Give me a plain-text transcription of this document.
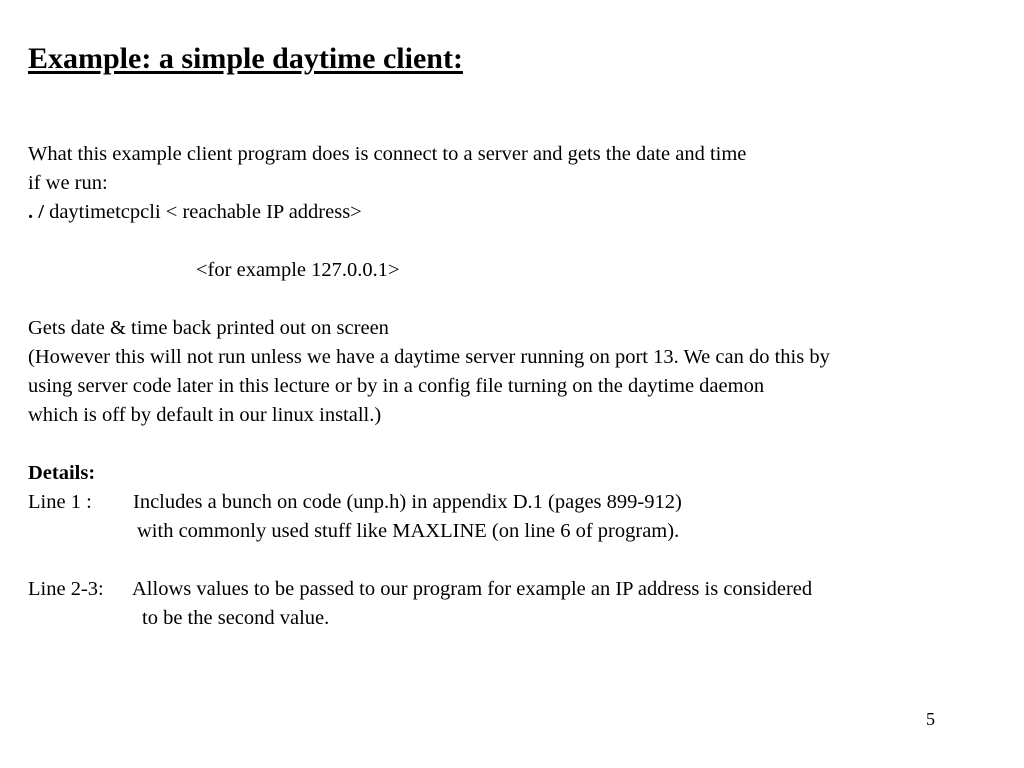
Example: a simple daytime client:
What this example client program does is connect to a server and gets the date and time
if we run:
. / daytimetcpcli < reachable IP address>
<for example 127.0.0.1>
Gets date & time back printed out on screen
(However this will not run unless we have a daytime server running on port 13. We can do this by
using server code later in this lecture or by in a config file turning on the daytime daemon
which is off by default in our linux install.)
Details:
Line 1 : Includes a bunch on code (unp.h) in appendix D.1 (pages 899-912)
with commonly used stuff like MAXLINE (on line 6 of program).
Line 2-3: Allows values to be passed to our program for example an IP address is considered
to be the second value.
5
